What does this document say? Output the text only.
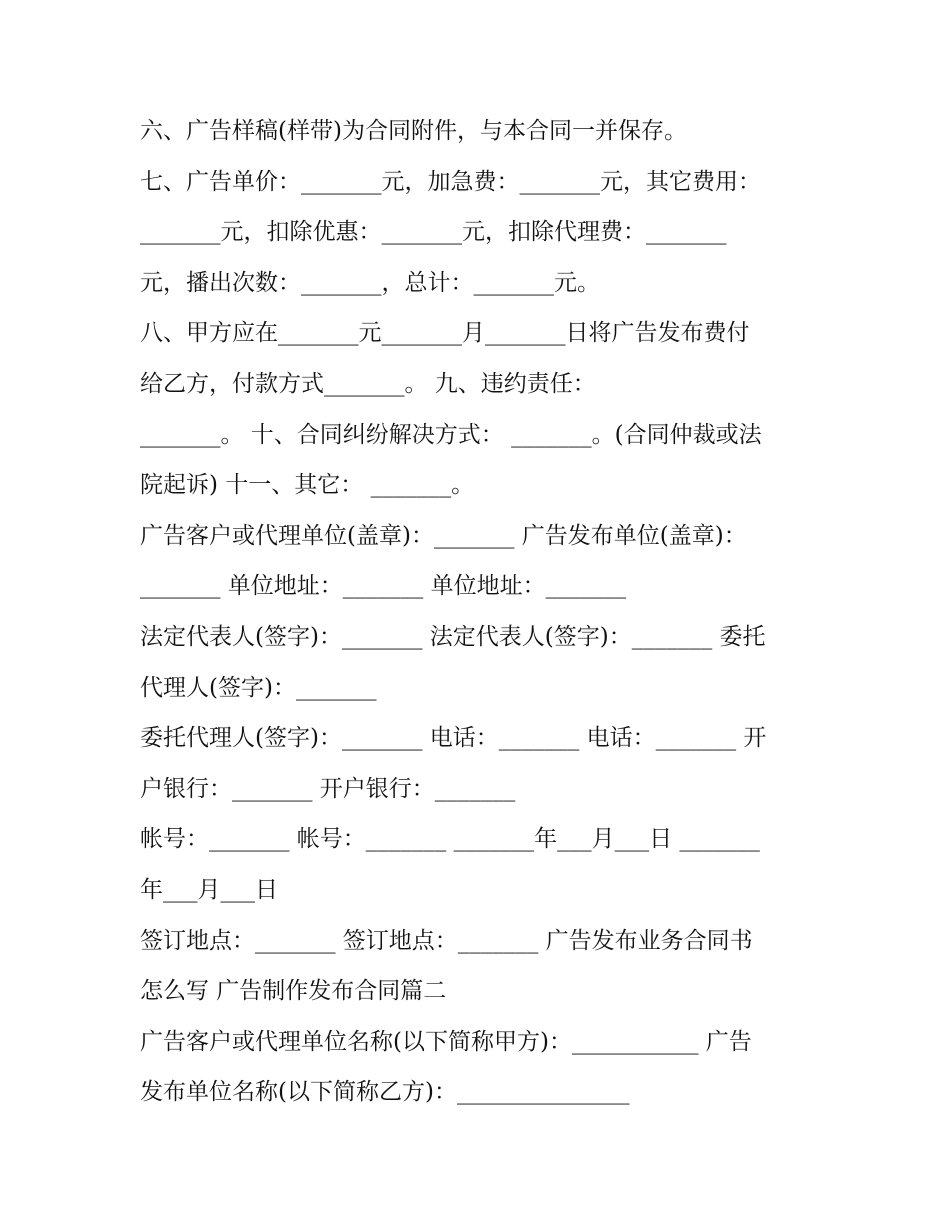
六、广告样稿(样带)为合同附件，与本合同一并保存。
七、广告单价：_______元，加急费：_______元，其它费用：
_______元，扣除优惠：_______元，扣除代理费：_______
元，播出次数：_______，总计：_______元。
八、甲方应在_______元_______月_______日将广告发布费付
给乙方，付款方式_______。 九、违约责任：
_______。 十、合同纠纷解决方式： _______。(合同仲裁或法
院起诉) 十一、其它： _______。
广告客户或代理单位(盖章)：_______ 广告发布单位(盖章)：
_______ 单位地址：_______ 单位地址：_______
法定代表人(签字)：_______ 法定代表人(签字)：_______ 委托
代理人(签字)：_______
委托代理人(签字)：_______ 电话：_______ 电话：_______ 开
户银行：_______ 开户银行：_______
帐号：_______ 帐号：_______ _______年___月___日 _______
年___月___日
签订地点：_______ 签订地点：_______ 广告发布业务合同书
怎么写 广告制作发布合同篇二
广告客户或代理单位名称(以下简称甲方)：___________ 广告
发布单位名称(以下简称乙方)：_______________
